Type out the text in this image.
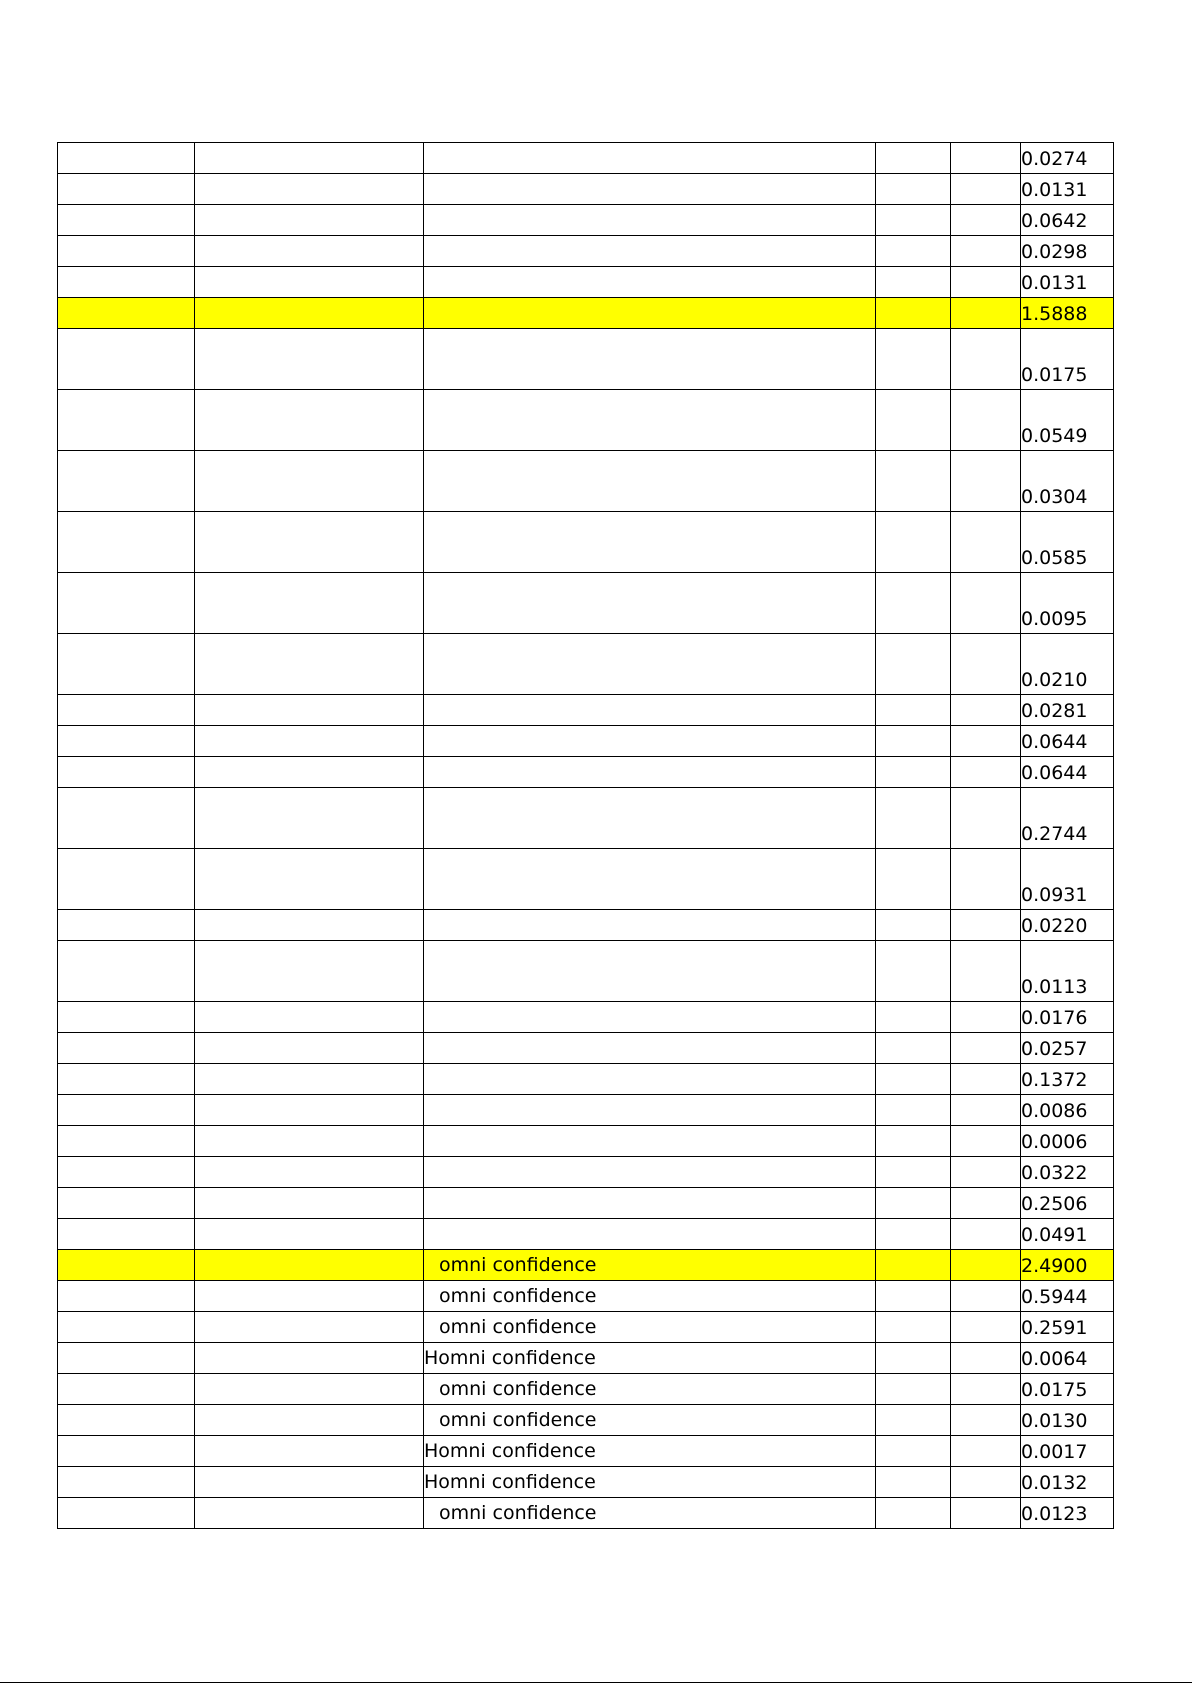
					0.0274

					0.0131

					0.0642

					0.0298

					0.0131

					1.5888

					0.0175

					0.0549

					0.0304

					0.0585

					0.0095

					0.0210

					0.0281

					0.0644

					0.0644

					0.2744

					0.0931

					0.0220

					0.0113

					0.0176

					0.0257

					0.1372

					0.0086

					0.0006

					0.0322

					0.2506

					0.0491

		omni confidence			2.4900

		omni confidence			0.5944

		omni confidence			0.2591

		Homni confidence			0.0064

		omni confidence			0.0175

		omni confidence			0.0130

		Homni confidence			0.0017

		Homni confidence			0.0132

		omni confidence			0.0123
